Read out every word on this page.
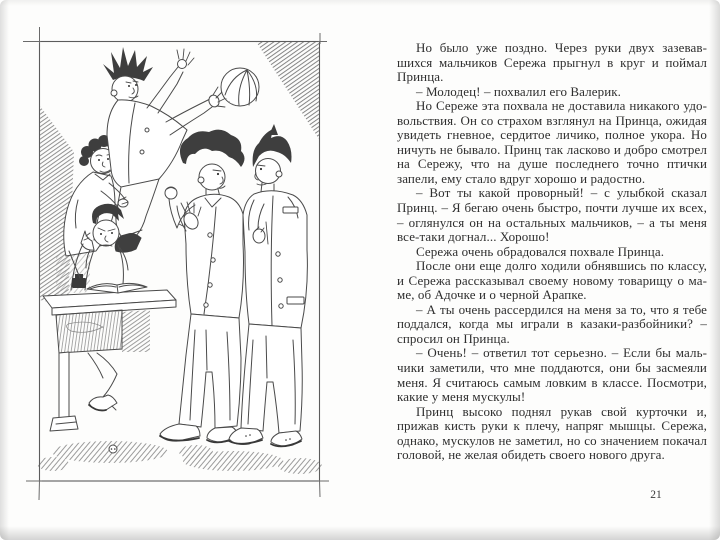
Но было уже поздно. Через руки двух зазевавшихся мальчиков Сережа прыгнул в круг и поймал Принца.

– Молодец! – похвалил его Валерик.

Но Сереже эта похвала не доставила никакого удовольствия. Он со страхом взглянул на Принца, ожидая увидеть гневное, сердитое личико, полное укора. Но ничуть не бывало. Принц так ласково и добро смотрел на Сережу, что на душе последнего точно птички запели, ему стало вдруг хорошо и радостно.

– Вот ты какой проворный! – с улыбкой сказал Принц. – Я бегаю очень быстро, почти лучше их всех, – оглянулся он на остальных мальчиков, – а ты меня все-таки догнал... Хорошо!

Сережа очень обрадовался похвале Принца.

После они еще долго ходили обнявшись по классу, и Сережа рассказывал своему новому товарищу о маме, об Адочке и о черной Арапке.

– А ты очень рассердился на меня за то, что я тебе поддался, когда мы играли в казаки-разбойники? – спросил он Принца.

– Очень! – ответил тот серьезно. – Если бы мальчики заметили, что мне поддаются, они бы засмеяли меня. Я считаюсь самым ловким в классе. Посмотри, какие у меня мускулы!

Принц высоко поднял рукав свой курточки и, прижав кисть руки к плечу, напряг мышцы. Сережа, однако, мускулов не заметил, но со значением покачал головой, не желая обидеть своего нового друга.

21
